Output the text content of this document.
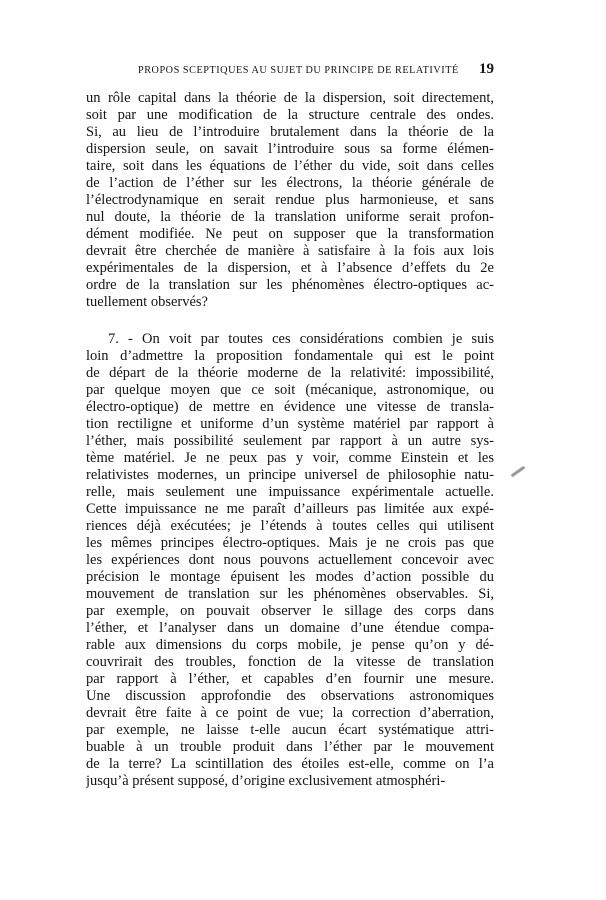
PROPOS SCEPTIQUES AU SUJET DU PRINCIPE DE RELATIVITÉ 19
un rôle capital dans la théorie de la dispersion, soit directement,
soit par une modification de la structure centrale des ondes.
Si, au lieu de l’introduire brutalement dans la théorie de la
dispersion seule, on savait l’introduire sous sa forme élémen-
taire, soit dans les équations de l’éther du vide, soit dans celles
de l’action de l’éther sur les électrons, la théorie générale de
l’électrodynamique en serait rendue plus harmonieuse, et sans
nul doute, la théorie de la translation uniforme serait profon-
dément modifiée. Ne peut on supposer que la transformation
devrait être cherchée de manière à satisfaire à la fois aux lois
expérimentales de la dispersion, et à l’absence d’effets du 2e
ordre de la translation sur les phénomènes électro-optiques ac-
tuellement observés?
7. - On voit par toutes ces considérations combien je suis
loin d’admettre la proposition fondamentale qui est le point
de départ de la théorie moderne de la relativité: impossibilité,
par quelque moyen que ce soit (mécanique, astronomique, ou
électro-optique) de mettre en évidence une vitesse de transla-
tion rectiligne et uniforme d’un système matériel par rapport à
l’éther, mais possibilité seulement par rapport à un autre sys-
tème matériel. Je ne peux pas y voir, comme Einstein et les
relativistes modernes, un principe universel de philosophie natu-
relle, mais seulement une impuissance expérimentale actuelle.
Cette impuissance ne me paraît d’ailleurs pas limitée aux expé-
riences déjà exécutées; je l’étends à toutes celles qui utilisent
les mêmes principes électro-optiques. Mais je ne crois pas que
les expériences dont nous pouvons actuellement concevoir avec
précision le montage épuisent les modes d’action possible du
mouvement de translation sur les phénomènes observables. Si,
par exemple, on pouvait observer le sillage des corps dans
l’éther, et l’analyser dans un domaine d’une étendue compa-
rable aux dimensions du corps mobile, je pense qu’on y dé-
couvrirait des troubles, fonction de la vitesse de translation
par rapport à l’éther, et capables d’en fournir une mesure.
Une discussion approfondie des observations astronomiques
devrait être faite à ce point de vue; la correction d’aberration,
par exemple, ne laisse t-elle aucun écart systématique attri-
buable à un trouble produit dans l’éther par le mouvement
de la terre? La scintillation des étoiles est-elle, comme on l’a
jusqu’à présent supposé, d’origine exclusivement atmosphéri-
